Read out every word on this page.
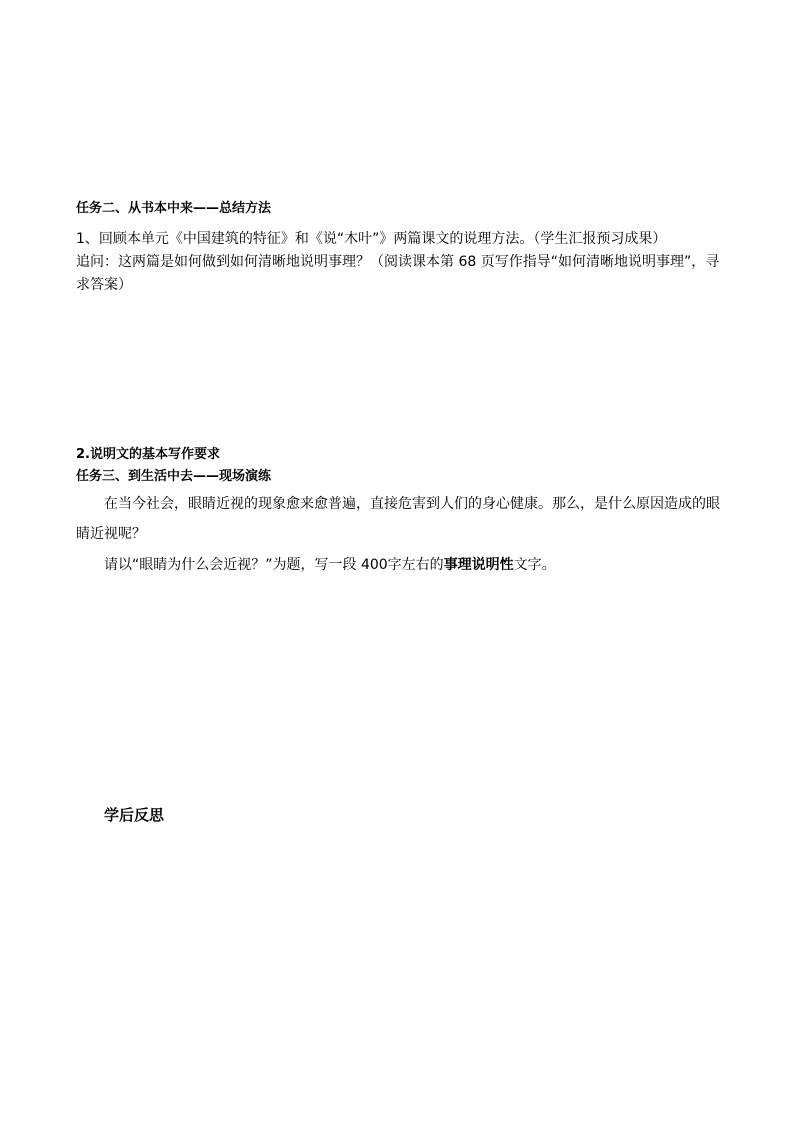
任务二、从书本中来——总结方法
1、回顾本单元《中国建筑的特征》和《说“木叶”》两篇课文的说理方法。（学生汇报预习成果）
追问：这两篇是如何做到如何清晰地说明事理？（阅读课本第 68 页写作指导“如何清晰地说明事理”，寻求答案）
2.说明文的基本写作要求
任务三、到生活中去——现场演练
在当今社会，眼睛近视的现象愈来愈普遍，直接危害到人们的身心健康。那么，是什么原因造成的眼睛近视呢？
请以“眼睛为什么会近视？”为题，写一段 400字左右的事理说明性文字。
学后反思
